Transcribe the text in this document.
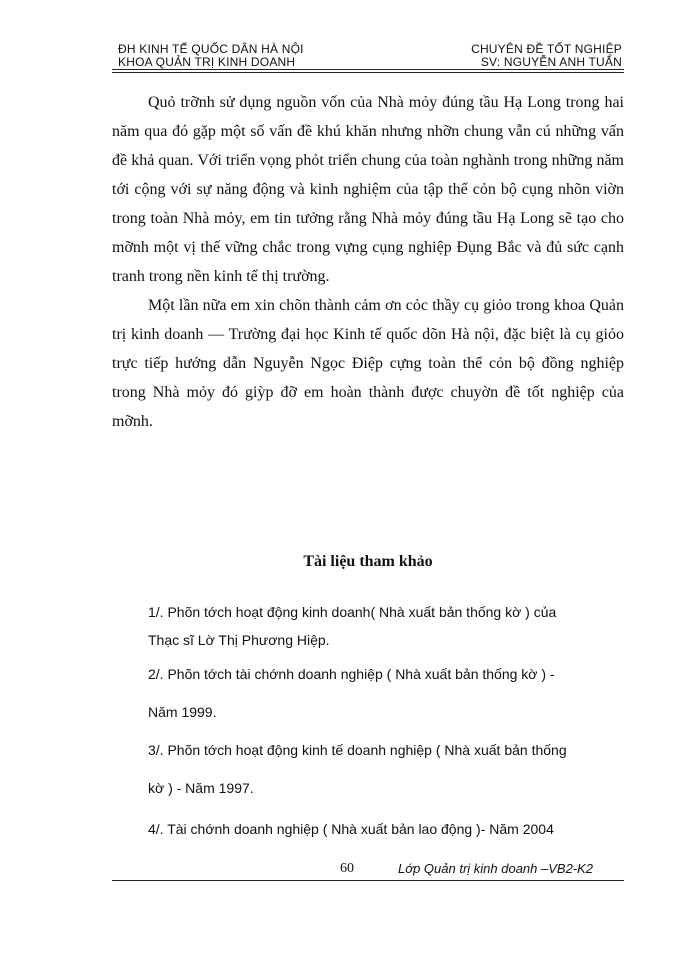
ĐH KINH TẾ QUỐC DÂN HÀ NỘI
KHOA QUẢN TRỊ KINH DOANH
CHUYÊN ĐỀ TỐT NGHIỆP
SV: NGUYỄN ANH TUẤN

Quỏ trỡnh sử dụng nguồn vốn của Nhà mỏy đúng tầu Hạ Long trong hai năm qua đó gặp một số vấn đề khú khăn nhưng nhỡn chung vẫn cú những vấn đề khả quan. Với triển vọng phỏt triển chung của toàn nghành trong những năm tới cộng với sự năng động và kinh nghiệm của tập thể cỏn bộ cụng nhõn viờn trong toàn Nhà mỏy, em tin tưởng rằng Nhà mỏy đúng tầu Hạ Long sẽ tạo cho mỡnh một vị thế vững chắc trong vựng cụng nghiệp Đụng Bắc và đủ sức cạnh tranh trong nền kinh tế thị trường.

Một lần nữa em xin chõn thành cảm ơn cỏc thầy cụ giỏo trong khoa Quản trị kinh doanh — Trường đại học Kinh tế quốc dõn Hà nội, đặc biệt là cụ giỏo trực tiếp hướng dẫn Nguyễn Ngọc Điệp cựng toàn thể cỏn bộ đồng nghiệp trong Nhà mỏy đó giỳp đỡ em hoàn thành được chuyờn đề tốt nghiệp của mỡnh.

Tài liệu tham khảo

1/. Phõn tớch hoạt động kinh doanh( Nhà xuất bản thống kờ ) của

Thạc sĩ Lờ Thị Phương Hiệp.

2/. Phõn tớch tài chớnh doanh nghiệp ( Nhà xuất bản thống kờ ) -

Năm 1999.

3/. Phõn tớch hoạt động kinh tế doanh nghiệp ( Nhà xuất bản thống

kờ ) - Năm 1997.

4/. Tài chớnh doanh nghiệp ( Nhà xuất bản lao động )- Năm 2004

60	Lớp Quản trị kinh doanh –VB2-K2
